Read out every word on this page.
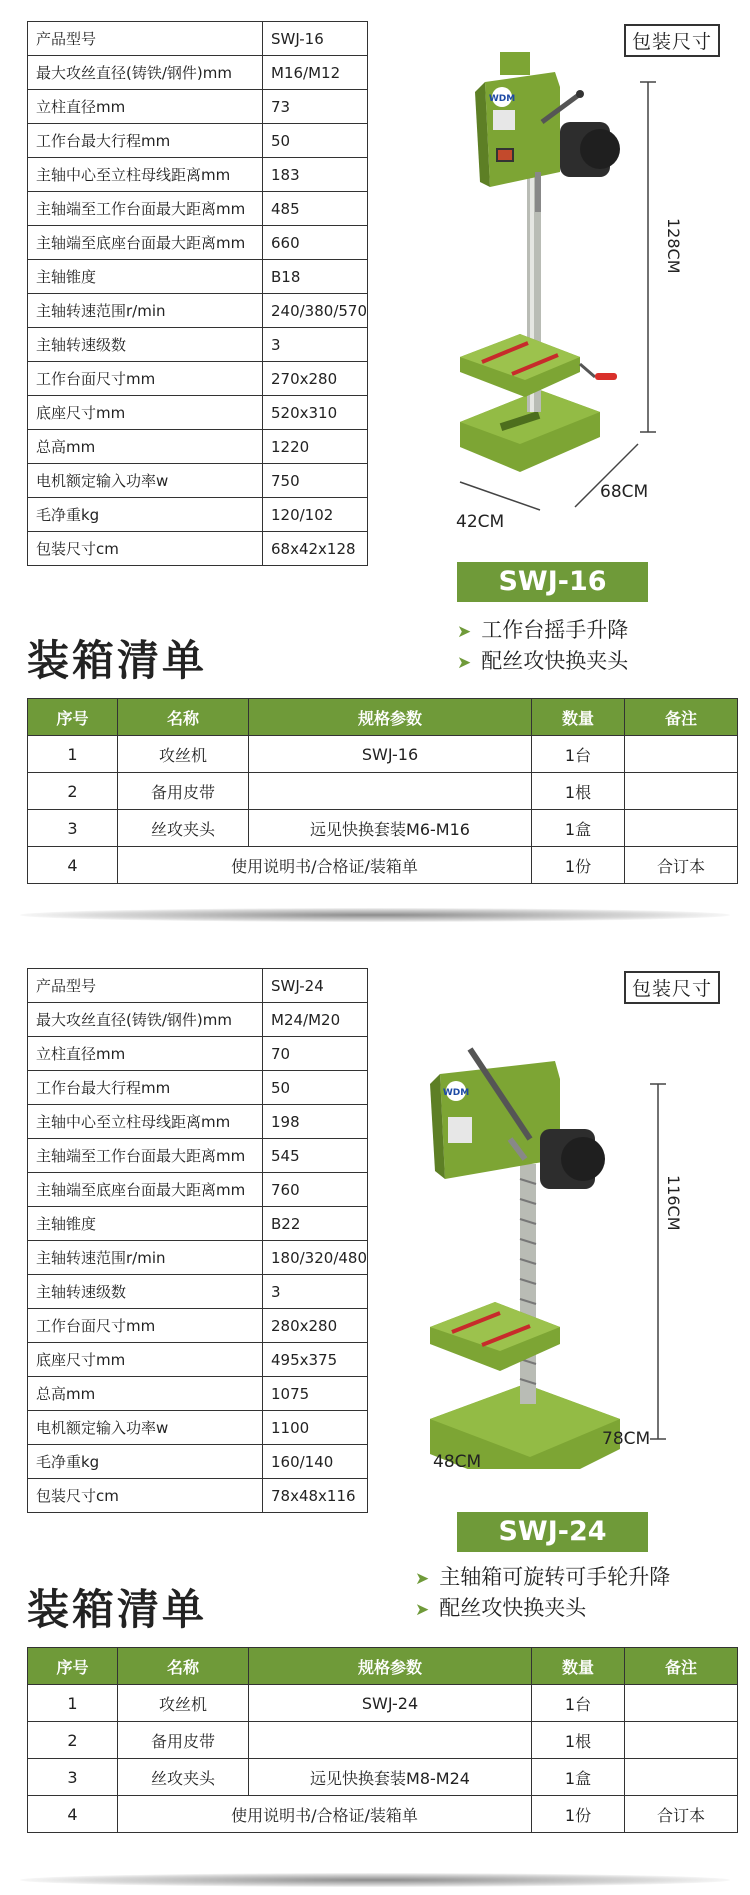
产品型号	SWJ-16
最大攻丝直径(铸铁/钢件)mm	M16/M12
立柱直径mm	73
工作台最大行程mm	50
主轴中心至立柱母线距离mm	183
主轴端至工作台面最大距离mm	485
主轴端至底座台面最大距离mm	660
主轴锥度	B18
主轴转速范围r/min	240/380/570
主轴转速级数	3
工作台面尺寸mm	270x280
底座尺寸mm	520x310
总高mm	1220
电机额定输入功率w	750
毛净重kg	120/102
包装尺寸cm	68x42x128
包装尺寸
WDM
128CM
68CM
42CM
SWJ-16
➤ 工作台摇手升降
➤ 配丝攻快换夹头
装箱清单
序号	名称	规格参数	数量	备注
1	攻丝机	SWJ-16	1台	
2	备用皮带		1根	
3	丝攻夹头	远见快换套装M6-M16	1盒	
4	使用说明书/合格证/装箱单		1份	合订本
产品型号	SWJ-24
最大攻丝直径(铸铁/钢件)mm	M24/M20
立柱直径mm	70
工作台最大行程mm	50
主轴中心至立柱母线距离mm	198
主轴端至工作台面最大距离mm	545
主轴端至底座台面最大距离mm	760
主轴锥度	B22
主轴转速范围r/min	180/320/480
主轴转速级数	3
工作台面尺寸mm	280x280
底座尺寸mm	495x375
总高mm	1075
电机额定输入功率w	1100
毛净重kg	160/140
包装尺寸cm	78x48x116
包装尺寸
WDM
116CM
78CM
48CM
SWJ-24
➤ 主轴箱可旋转可手轮升降
➤ 配丝攻快换夹头
装箱清单
序号	名称	规格参数	数量	备注
1	攻丝机	SWJ-24	1台	
2	备用皮带		1根	
3	丝攻夹头	远见快换套装M8-M24	1盒	
4	使用说明书/合格证/装箱单		1份	合订本
